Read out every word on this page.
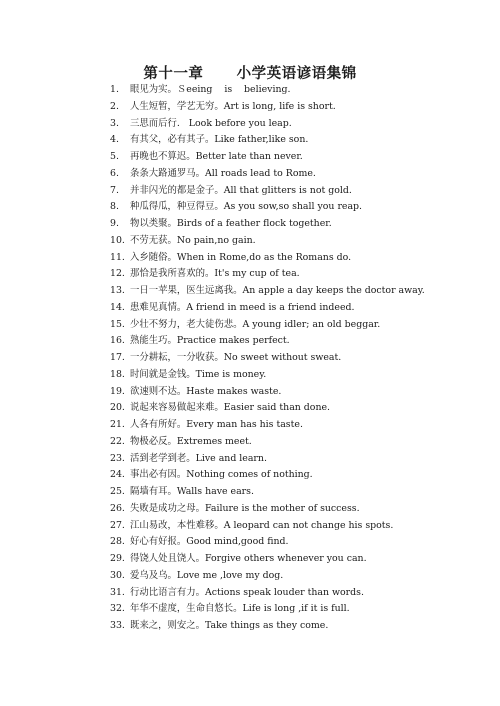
第十一章      小学英语谚语集锦
1. 眼见为实。Ｓeeing    is    believing.
2. 人生短暂，学艺无穷。Art is long, life is short.
3. 三思而后行.   Look before you leap.
4. 有其父，必有其子。Like father,like son.
5. 再晚也不算迟。Better late than never.
6. 条条大路通罗马。All roads lead to Rome.
7. 并非闪光的都是金子。All that glitters is not gold.
8. 种瓜得瓜，种豆得豆。As you sow,so shall you reap.
9. 物以类聚。Birds of a feather flock together.
10. 不劳无获。No pain,no gain.
11. 入乡随俗。When in Rome,do as the Romans do.
12. 那恰是我所喜欢的。It's my cup of tea.
13. 一日一苹果，医生远离我。An apple a day keeps the doctor away.
14. 患难见真情。A friend in meed is a friend indeed.
15. 少壮不努力，老大徒伤悲。A young idler; an old beggar.
16. 熟能生巧。Practice makes perfect.
17. 一分耕耘，一分收获。No sweet without sweat.
18. 时间就是金钱。Time is money.
19. 欲速则不达。Haste makes waste.
20. 说起来容易做起来难。Easier said than done.
21. 人各有所好。Every man has his taste.
22. 物极必反。Extremes meet.
23. 活到老学到老。Live and learn.
24. 事出必有因。Nothing comes of nothing.
25. 隔墙有耳。Walls have ears.
26. 失败是成功之母。Failure is the mother of success.
27. 江山易改，本性难移。A leopard can not change his spots.
28. 好心有好报。Good mind,good find.
29. 得饶人处且饶人。Forgive others whenever you can.
30. 爱乌及乌。Love me ,love my dog.
31. 行动比语言有力。Actions speak louder than words.
32. 年华不虚度，生命自悠长。Life is long ,if it is full.
33. 既来之，则安之。Take things as they come.
